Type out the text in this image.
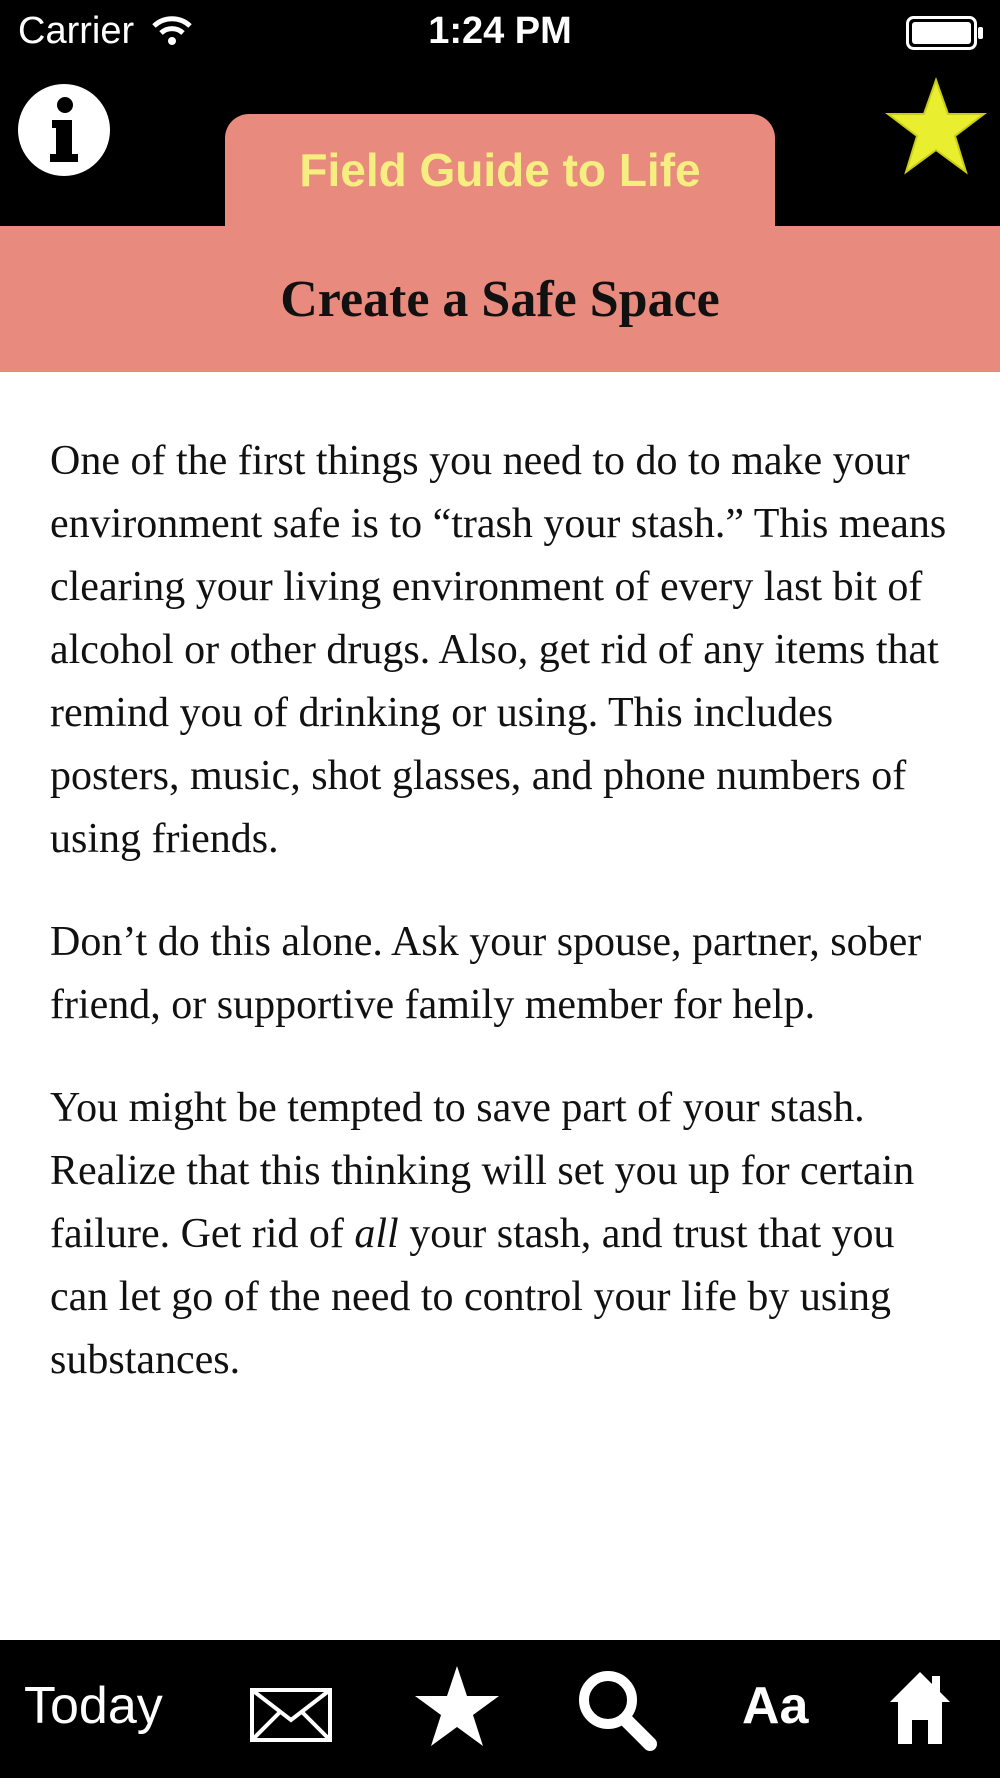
Carrier	1:24 PM
Field Guide to Life
Create a Safe Space

One of the first things you need to do to make your environment safe is to “trash your stash.” This means clearing your living environment of every last bit of alcohol or other drugs. Also, get rid of any items that remind you of drinking or using. This includes posters, music, shot glasses, and phone numbers of using friends.

Don’t do this alone. Ask your spouse, partner, sober friend, or supportive family member for help.

You might be tempted to save part of your stash. Realize that this thinking will set you up for certain failure. Get rid of all your stash, and trust that you can let go of the need to control your life by using substances.

Today	Aa
